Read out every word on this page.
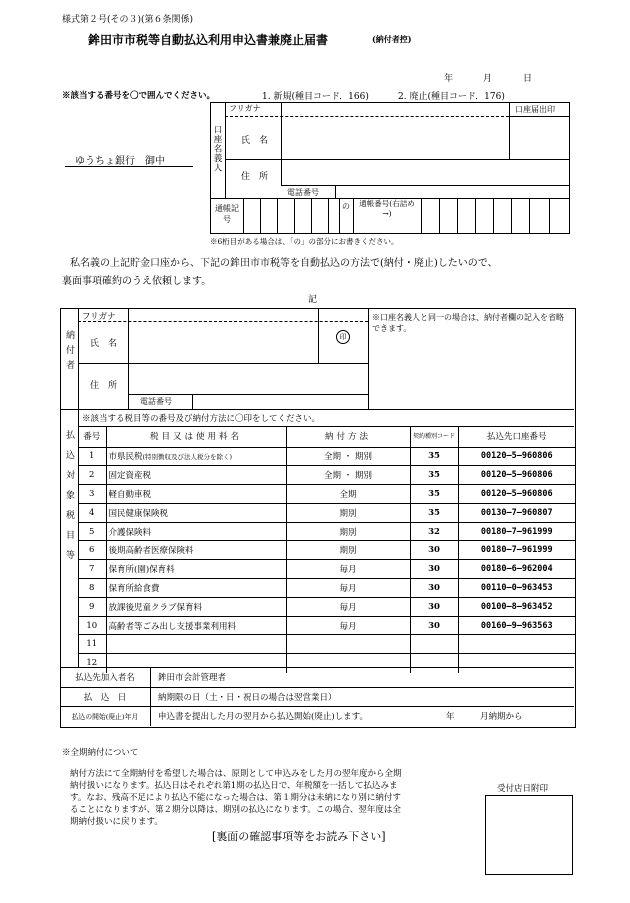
様式第２号(その３)(第６条関係)
鉾田市市税等自動払込利用申込書兼廃止届書	(納付者控)
年	月	日
※該当する番号を〇で囲んでください。	1. 新規(種目コード．166)	2. 廃止(種目コード．176)
ゆうちょ銀行　御中	口座名義人
フリガナ
氏　名
住　所
電話番号
口座届出印
通帳記号
の	通帳番号(右詰め→)
※6桁目がある場合は、「の」の部分にお書きください。
私名義の上記貯金口座から、下記の鉾田市市税等を自動払込の方法で(納付・廃止)したいので、
裏面事項確約のうえ依頼します。
記
納付者
フリガナ
氏　名
印
※口座名義人と同一の場合は、納付者欄の記入を省略できます。
住　所
電話番号
払込対象税目等
※該当する税目等の番号及び納付方法に〇印をしてください。
番号	税目又は使用料名	納付方法	契約種別コード	払込先口座番号
1	市県民税(特別徴収及び法人税分を除く)	全期 ・ 期別	35	00120—5—960806
2	固定資産税	全期 ・ 期別	35	00120—5—960806
3	軽自動車税	全期	35	00120—5—960806
4	国民健康保険税	期別	35	00130—7—960807
5	介護保険料	期別	32	00180—7—961999
6	後期高齢者医療保険料	期別	30	00180—7—961999
7	保育所(園)保育料	毎月	30	00180—6—962004
8	保育所給食費	毎月	30	00110—0—963453
9	放課後児童クラブ保育料	毎月	30	00100—8—963452
10	高齢者等ごみ出し支援事業利用料	毎月	30	00160—9—963563
11				
12				
払込先加入者名	鉾田市会計管理者
払　込　日	納期限の日（土・日・祝日の場合は翌営業日）
払込の開始(廃止)年月	申込書を提出した月の翌月から払込開始(廃止)します。	年　　　月納期から
※全期納付について
納付方法にて全期納付を希望した場合は、原則として申込みをした月の翌年度から全期
納付扱いになります。払込日はそれぞれ第1期の払込日で、年税額を一括して払込みま
す。なお、残高不足により払込不能になった場合は、第１期分は未納になり別に納付す
ることになりますが、第２期分以降は、期別の払込になります。この場合、翌年度は全
期納付扱いに戻ります。
受付店日附印
[裏面の確認事項等をお読み下さい]
